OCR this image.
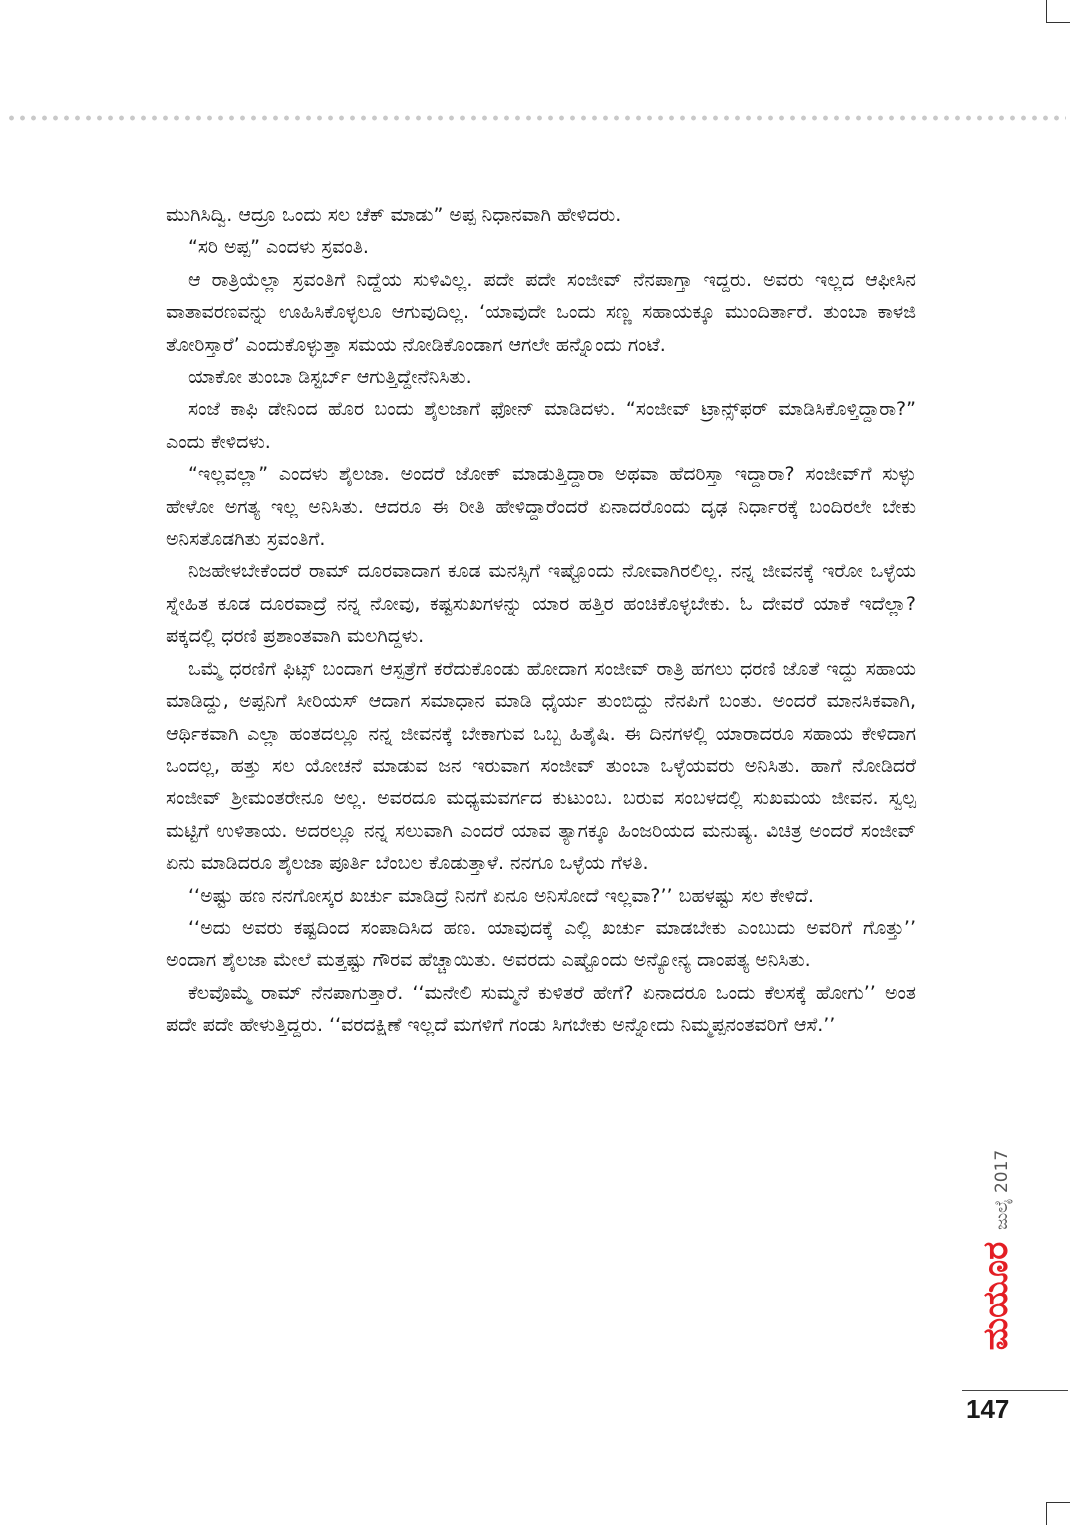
ಮುಗಿಸಿದ್ವಿ. ಆದ್ರೂ ಒಂದು ಸಲ ಚೆಕ್ ಮಾಡು” ಅಪ್ಪ ನಿಧಾನವಾಗಿ ಹೇಳಿದರು.

“ಸರಿ ಅಪ್ಪ” ಎಂದಳು ಸ್ರವಂತಿ.

ಆ ರಾತ್ರಿಯೆಲ್ಲಾ ಸ್ರವಂತಿಗೆ ನಿದ್ದೆಯ ಸುಳಿವಿಲ್ಲ. ಪದೇ ಪದೇ ಸಂಜೀವ್ ನೆನಪಾಗ್ತಾ ಇದ್ದರು. ಅವರು ಇಲ್ಲದ ಆಫೀಸಿನ ವಾತಾವರಣವನ್ನು ಊಹಿಸಿಕೊಳ್ಳಲೂ ಆಗುವುದಿಲ್ಲ. ‘ಯಾವುದೇ ಒಂದು ಸಣ್ಣ ಸಹಾಯಕ್ಕೂ ಮುಂದಿರ್ತಾರೆ. ತುಂಬಾ ಕಾಳಜಿ ತೋರಿಸ್ತಾರೆ’ ಎಂದುಕೊಳ್ಳುತ್ತಾ ಸಮಯ ನೋಡಿಕೊಂಡಾಗ ಆಗಲೇ ಹನ್ನೊಂದು ಗಂಟೆ.

ಯಾಕೋ ತುಂಬಾ ಡಿಸ್ಟರ್ಬ್ ಆಗುತ್ತಿದ್ದೇನೆನಿಸಿತು.

ಸಂಜೆ ಕಾಫಿ ಡೇನಿಂದ ಹೊರ ಬಂದು ಶೈಲಜಾಗೆ ಫೋನ್ ಮಾಡಿದಳು. “ಸಂಜೀವ್ ಟ್ರಾನ್ಸ್‌ಫರ್ ಮಾಡಿಸಿಕೊಳ್ತಿದ್ದಾರಾ?” ಎಂದು ಕೇಳಿದಳು.

“ಇಲ್ಲವಲ್ಲಾ” ಎಂದಳು ಶೈಲಜಾ. ಅಂದರೆ ಜೋಕ್ ಮಾಡುತ್ತಿದ್ದಾರಾ ಅಥವಾ ಹೆದರಿಸ್ತಾ ಇದ್ದಾರಾ? ಸಂಜೀವ್‌ಗೆ ಸುಳ್ಳು ಹೇಳೋ ಅಗತ್ಯ ಇಲ್ಲ ಅನಿಸಿತು. ಆದರೂ ಈ ರೀತಿ ಹೇಳಿದ್ದಾರೆಂದರೆ ಏನಾದರೊಂದು ದೃಢ ನಿರ್ಧಾರಕ್ಕೆ ಬಂದಿರಲೇ ಬೇಕು ಅನಿಸತೊಡಗಿತು ಸ್ರವಂತಿಗೆ.

ನಿಜಹೇಳಬೇಕೆಂದರೆ ರಾಮ್ ದೂರವಾದಾಗ ಕೂಡ ಮನಸ್ಸಿಗೆ ಇಷ್ಟೊಂದು ನೋವಾಗಿರಲಿಲ್ಲ. ನನ್ನ ಜೀವನಕ್ಕೆ ಇರೋ ಒಳ್ಳೆಯ ಸ್ನೇಹಿತ ಕೂಡ ದೂರವಾದ್ರೆ ನನ್ನ ನೋವು, ಕಷ್ಟಸುಖಗಳನ್ನು ಯಾರ ಹತ್ತಿರ ಹಂಚಿಕೊಳ್ಳಬೇಕು. ಓ ದೇವರೆ ಯಾಕೆ ಇದೆಲ್ಲಾ? ಪಕ್ಕದಲ್ಲಿ ಧರಣಿ ಪ್ರಶಾಂತವಾಗಿ ಮಲಗಿದ್ದಳು.

ಒಮ್ಮೆ ಧರಣಿಗೆ ಫಿಟ್ಸ್ ಬಂದಾಗ ಆಸ್ಪತ್ರೆಗೆ ಕರೆದುಕೊಂಡು ಹೋದಾಗ ಸಂಜೀವ್ ರಾತ್ರಿ ಹಗಲು ಧರಣಿ ಜೊತೆ ಇದ್ದು ಸಹಾಯ ಮಾಡಿದ್ದು, ಅಪ್ಪನಿಗೆ ಸೀರಿಯಸ್ ಆದಾಗ ಸಮಾಧಾನ ಮಾಡಿ ಧೈರ್ಯ ತುಂಬಿದ್ದು ನೆನಪಿಗೆ ಬಂತು. ಅಂದರೆ ಮಾನಸಿಕವಾಗಿ, ಆರ್ಥಿಕವಾಗಿ ಎಲ್ಲಾ ಹಂತದಲ್ಲೂ ನನ್ನ ಜೀವನಕ್ಕೆ ಬೇಕಾಗುವ ಒಬ್ಬ ಹಿತೈಷಿ. ಈ ದಿನಗಳಲ್ಲಿ ಯಾರಾದರೂ ಸಹಾಯ ಕೇಳಿದಾಗ ಒಂದಲ್ಲ, ಹತ್ತು ಸಲ ಯೋಚನೆ ಮಾಡುವ ಜನ ಇರುವಾಗ ಸಂಜೀವ್ ತುಂಬಾ ಒಳ್ಳೆಯವರು ಅನಿಸಿತು. ಹಾಗೆ ನೋಡಿದರೆ ಸಂಜೀವ್ ಶ್ರೀಮಂತರೇನೂ ಅಲ್ಲ. ಅವರದೂ ಮಧ್ಯಮವರ್ಗದ ಕುಟುಂಬ. ಬರುವ ಸಂಬಳದಲ್ಲಿ ಸುಖಮಯ ಜೀವನ. ಸ್ವಲ್ಪ ಮಟ್ಟಿಗೆ ಉಳಿತಾಯ. ಅದರಲ್ಲೂ ನನ್ನ ಸಲುವಾಗಿ ಎಂದರೆ ಯಾವ ತ್ಯಾಗಕ್ಕೂ ಹಿಂಜರಿಯದ ಮನುಷ್ಯ. ವಿಚಿತ್ರ ಅಂದರೆ ಸಂಜೀವ್ ಏನು ಮಾಡಿದರೂ ಶೈಲಜಾ ಪೂರ್ತಿ ಬೆಂಬಲ ಕೊಡುತ್ತಾಳೆ. ನನಗೂ ಒಳ್ಳೆಯ ಗೆಳತಿ.

‘‘ಅಷ್ಟು ಹಣ ನನಗೋಸ್ಕರ ಖರ್ಚು ಮಾಡಿದ್ರೆ ನಿನಗೆ ಏನೂ ಅನಿಸೋದೆ ಇಲ್ಲವಾ?’’ ಬಹಳಷ್ಟು ಸಲ ಕೇಳಿದೆ.

‘‘ಅದು ಅವರು ಕಷ್ಟದಿಂದ ಸಂಪಾದಿಸಿದ ಹಣ. ಯಾವುದಕ್ಕೆ ಎಲ್ಲಿ ಖರ್ಚು ಮಾಡಬೇಕು ಎಂಬುದು ಅವರಿಗೆ ಗೊತ್ತು’’ ಅಂದಾಗ ಶೈಲಜಾ ಮೇಲೆ ಮತ್ತಷ್ಟು ಗೌರವ ಹೆಚ್ಚಾಯಿತು. ಅವರದು ಎಷ್ಟೊಂದು ಅನ್ಯೋನ್ಯ ದಾಂಪತ್ಯ ಅನಿಸಿತು.

ಕೆಲವೊಮ್ಮೆ ರಾಮ್ ನೆನಪಾಗುತ್ತಾರೆ. ‘‘ಮನೇಲಿ ಸುಮ್ಮನೆ ಕುಳಿತರೆ ಹೇಗೆ? ಏನಾದರೂ ಒಂದು ಕೆಲಸಕ್ಕೆ ಹೋಗು’’ ಅಂತ ಪದೇ ಪದೇ ಹೇಳುತ್ತಿದ್ದರು. ‘‘ವರದಕ್ಷಿಣೆ ಇಲ್ಲದೆ ಮಗಳಿಗೆ ಗಂಡು ಸಿಗಬೇಕು ಅನ್ನೋದು ನಿಮ್ಮಪ್ಪನಂತವರಿಗೆ ಆಸೆ.’’

ಮಯೂರ
ಜುಲೈ 2017
147
